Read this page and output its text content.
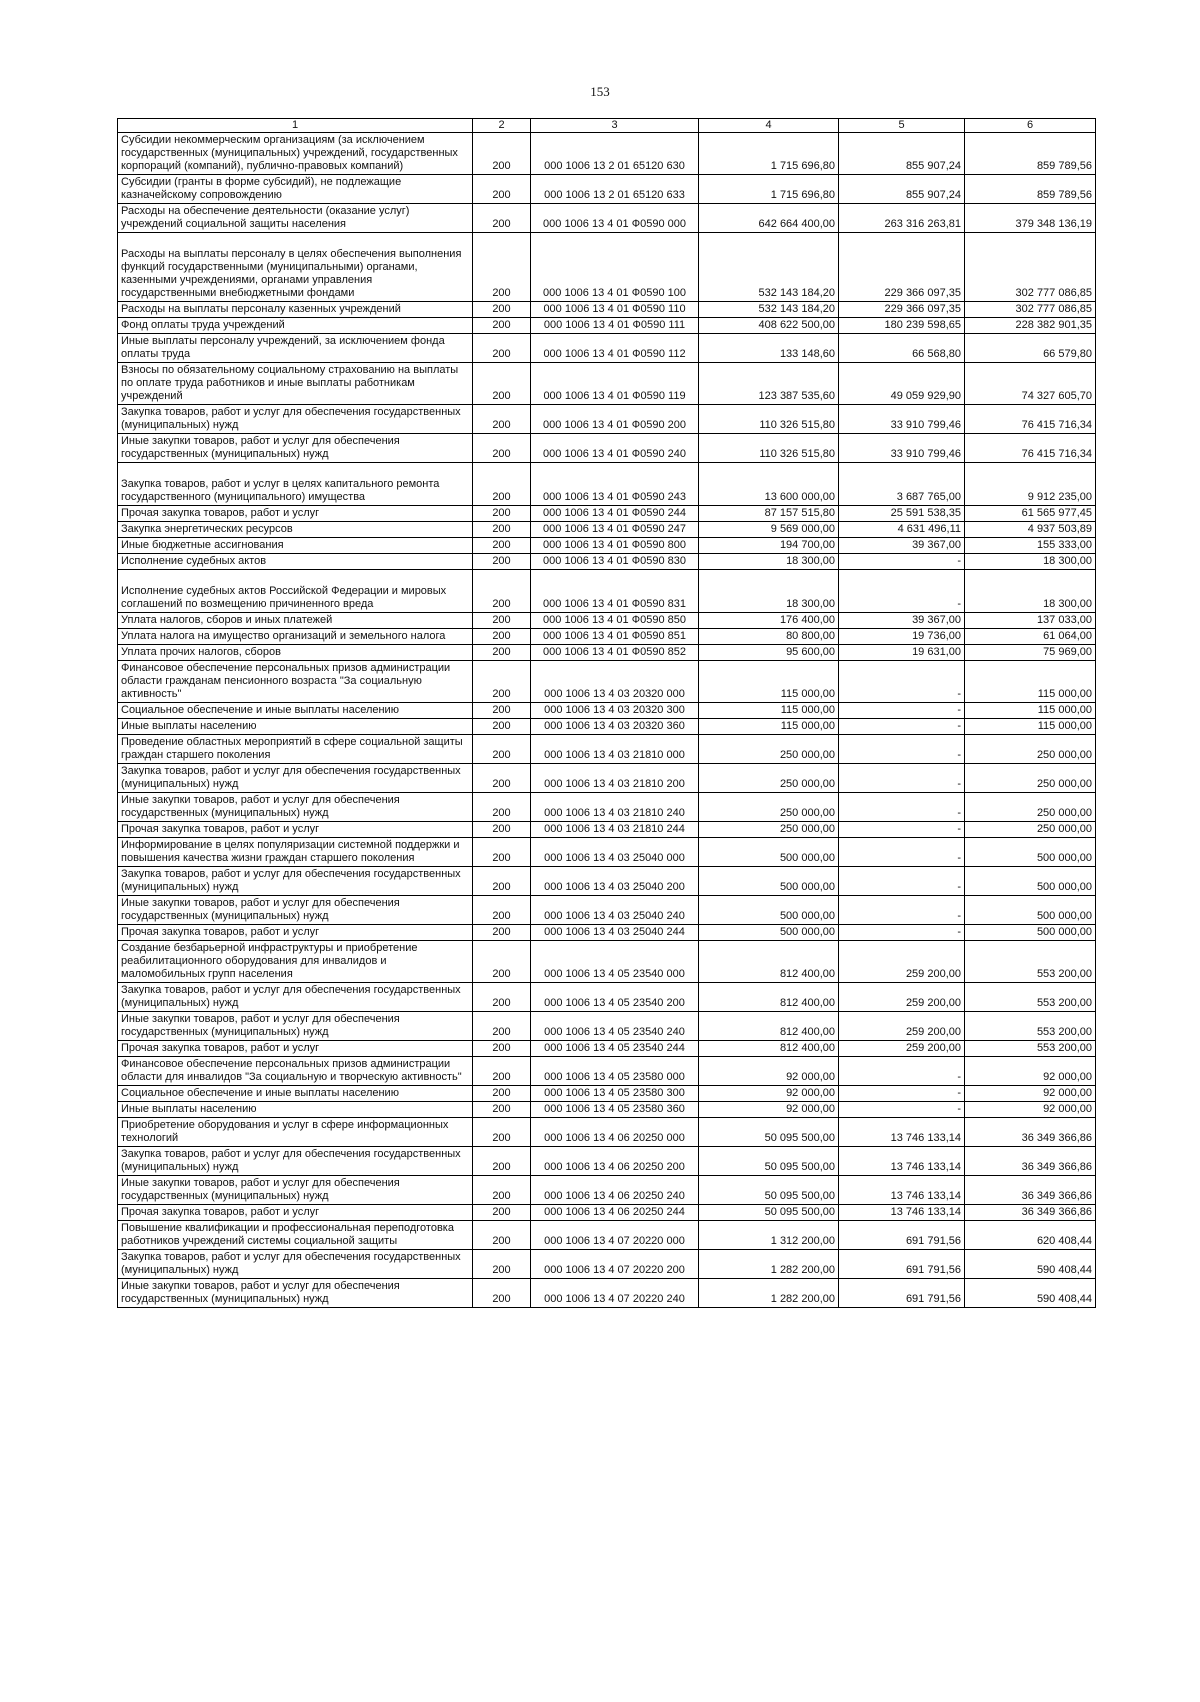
153
1	2	3	4	5	6
Субсидии некоммерческим организациям (за исключением государственных (муниципальных) учреждений, государственных корпораций (компаний), публично-правовых компаний)	200	000 1006 13 2 01 65120 630	1 715 696,80	855 907,24	859 789,56
Субсидии (гранты в форме субсидий), не подлежащие казначейскому сопровождению	200	000 1006 13 2 01 65120 633	1 715 696,80	855 907,24	859 789,56
Расходы на обеспечение деятельности (оказание услуг) учреждений социальной защиты населения	200	000 1006 13 4 01 Ф0590 000	642 664 400,00	263 316 263,81	379 348 136,19

Расходы на выплаты персоналу в целях обеспечения выполнения функций государственными (муниципальными) органами, казенными учреждениями, органами управления государственными внебюджетными фондами	200	000 1006 13 4 01 Ф0590 100	532 143 184,20	229 366 097,35	302 777 086,85
Расходы на выплаты персоналу казенных учреждений	200	000 1006 13 4 01 Ф0590 110	532 143 184,20	229 366 097,35	302 777 086,85
Фонд оплаты труда учреждений	200	000 1006 13 4 01 Ф0590 111	408 622 500,00	180 239 598,65	228 382 901,35
Иные выплаты персоналу учреждений, за исключением фонда оплаты труда	200	000 1006 13 4 01 Ф0590 112	133 148,60	66 568,80	66 579,80
Взносы по обязательному социальному страхованию на выплаты по оплате труда работников и иные выплаты работникам учреждений	200	000 1006 13 4 01 Ф0590 119	123 387 535,60	49 059 929,90	74 327 605,70
Закупка товаров, работ и услуг для обеспечения государственных (муниципальных) нужд	200	000 1006 13 4 01 Ф0590 200	110 326 515,80	33 910 799,46	76 415 716,34
Иные закупки товаров, работ и услуг для обеспечения государственных (муниципальных) нужд	200	000 1006 13 4 01 Ф0590 240	110 326 515,80	33 910 799,46	76 415 716,34

Закупка товаров, работ и услуг в целях капитального ремонта государственного (муниципального) имущества	200	000 1006 13 4 01 Ф0590 243	13 600 000,00	3 687 765,00	9 912 235,00
Прочая закупка товаров, работ и услуг	200	000 1006 13 4 01 Ф0590 244	87 157 515,80	25 591 538,35	61 565 977,45
Закупка энергетических ресурсов	200	000 1006 13 4 01 Ф0590 247	9 569 000,00	4 631 496,11	4 937 503,89
Иные бюджетные ассигнования	200	000 1006 13 4 01 Ф0590 800	194 700,00	39 367,00	155 333,00
Исполнение судебных актов	200	000 1006 13 4 01 Ф0590 830	18 300,00	-	18 300,00

Исполнение судебных актов Российской Федерации и мировых соглашений по возмещению причиненного вреда	200	000 1006 13 4 01 Ф0590 831	18 300,00	-	18 300,00
Уплата налогов, сборов и иных платежей	200	000 1006 13 4 01 Ф0590 850	176 400,00	39 367,00	137 033,00
Уплата налога на имущество организаций и земельного налога	200	000 1006 13 4 01 Ф0590 851	80 800,00	19 736,00	61 064,00
Уплата прочих налогов, сборов	200	000 1006 13 4 01 Ф0590 852	95 600,00	19 631,00	75 969,00
Финансовое обеспечение персональных призов администрации области гражданам пенсионного возраста "За социальную активность"	200	000 1006 13 4 03 20320 000	115 000,00	-	115 000,00
Социальное обеспечение и иные выплаты населению	200	000 1006 13 4 03 20320 300	115 000,00	-	115 000,00
Иные выплаты населению	200	000 1006 13 4 03 20320 360	115 000,00	-	115 000,00
Проведение областных мероприятий в сфере социальной защиты граждан старшего поколения	200	000 1006 13 4 03 21810 000	250 000,00	-	250 000,00
Закупка товаров, работ и услуг для обеспечения государственных (муниципальных) нужд	200	000 1006 13 4 03 21810 200	250 000,00	-	250 000,00
Иные закупки товаров, работ и услуг для обеспечения государственных (муниципальных) нужд	200	000 1006 13 4 03 21810 240	250 000,00	-	250 000,00
Прочая закупка товаров, работ и услуг	200	000 1006 13 4 03 21810 244	250 000,00	-	250 000,00
Информирование в целях популяризации системной поддержки и повышения качества жизни граждан старшего поколения	200	000 1006 13 4 03 25040 000	500 000,00	-	500 000,00
Закупка товаров, работ и услуг для обеспечения государственных (муниципальных) нужд	200	000 1006 13 4 03 25040 200	500 000,00	-	500 000,00
Иные закупки товаров, работ и услуг для обеспечения государственных (муниципальных) нужд	200	000 1006 13 4 03 25040 240	500 000,00	-	500 000,00
Прочая закупка товаров, работ и услуг	200	000 1006 13 4 03 25040 244	500 000,00	-	500 000,00
Создание безбарьерной инфраструктуры и приобретение реабилитационного оборудования для инвалидов и маломобильных групп населения	200	000 1006 13 4 05 23540 000	812 400,00	259 200,00	553 200,00
Закупка товаров, работ и услуг для обеспечения государственных (муниципальных) нужд	200	000 1006 13 4 05 23540 200	812 400,00	259 200,00	553 200,00
Иные закупки товаров, работ и услуг для обеспечения государственных (муниципальных) нужд	200	000 1006 13 4 05 23540 240	812 400,00	259 200,00	553 200,00
Прочая закупка товаров, работ и услуг	200	000 1006 13 4 05 23540 244	812 400,00	259 200,00	553 200,00
Финансовое обеспечение персональных призов администрации области для инвалидов "За социальную и творческую активность"	200	000 1006 13 4 05 23580 000	92 000,00	-	92 000,00
Социальное обеспечение и иные выплаты населению	200	000 1006 13 4 05 23580 300	92 000,00	-	92 000,00
Иные выплаты населению	200	000 1006 13 4 05 23580 360	92 000,00	-	92 000,00
Приобретение оборудования и услуг в сфере информационных технологий	200	000 1006 13 4 06 20250 000	50 095 500,00	13 746 133,14	36 349 366,86
Закупка товаров, работ и услуг для обеспечения государственных (муниципальных) нужд	200	000 1006 13 4 06 20250 200	50 095 500,00	13 746 133,14	36 349 366,86
Иные закупки товаров, работ и услуг для обеспечения государственных (муниципальных) нужд	200	000 1006 13 4 06 20250 240	50 095 500,00	13 746 133,14	36 349 366,86
Прочая закупка товаров, работ и услуг	200	000 1006 13 4 06 20250 244	50 095 500,00	13 746 133,14	36 349 366,86
Повышение квалификации и профессиональная переподготовка работников учреждений системы социальной защиты	200	000 1006 13 4 07 20220 000	1 312 200,00	691 791,56	620 408,44
Закупка товаров, работ и услуг для обеспечения государственных (муниципальных) нужд	200	000 1006 13 4 07 20220 200	1 282 200,00	691 791,56	590 408,44
Иные закупки товаров, работ и услуг для обеспечения государственных (муниципальных) нужд	200	000 1006 13 4 07 20220 240	1 282 200,00	691 791,56	590 408,44
